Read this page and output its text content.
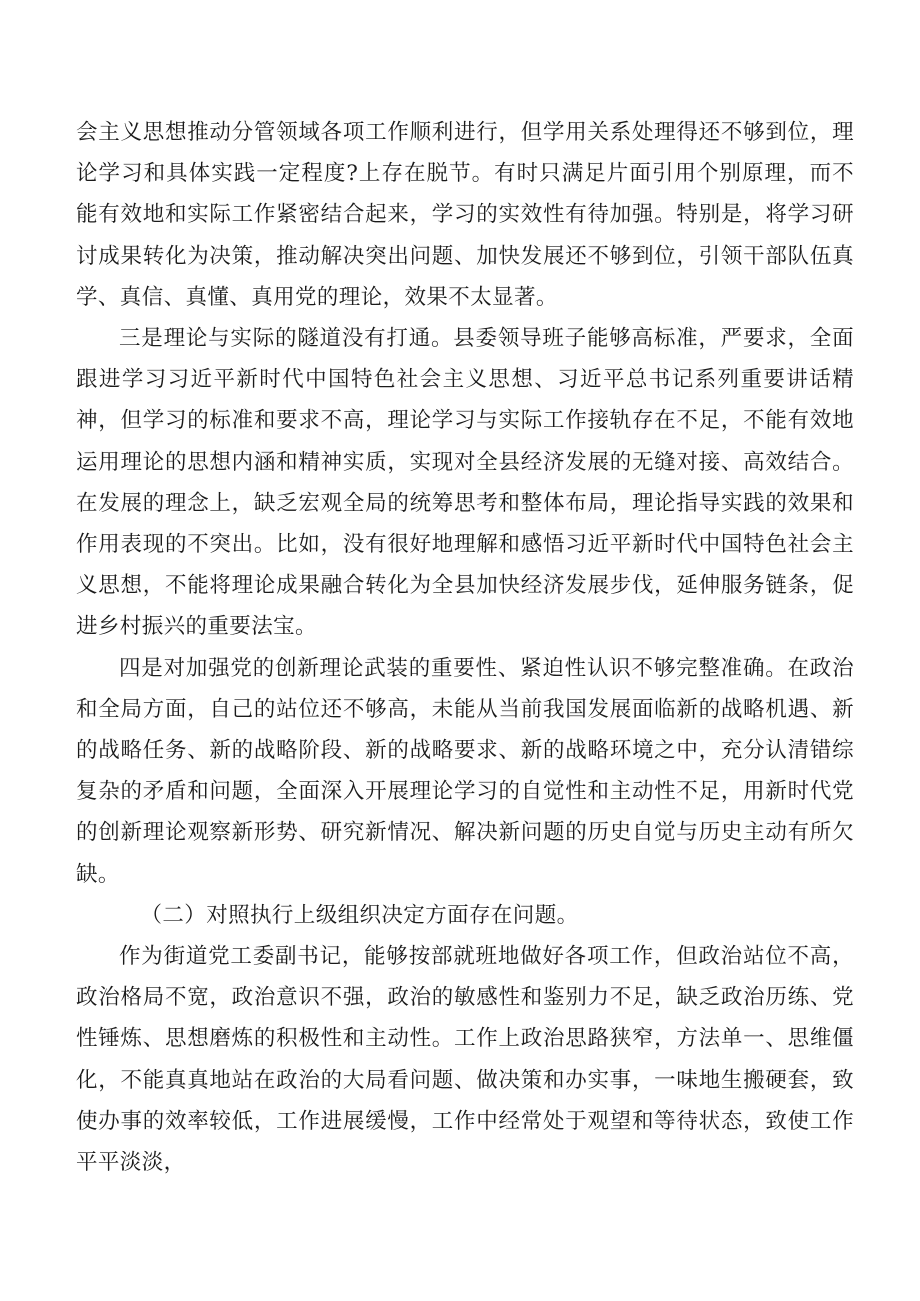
会主义思想推动分管领域各项工作顺利进行，但学用关系处理得还不够到位，理论学习和具体实践一定程度?上存在脱节。有时只满足片面引用个别原理，而不能有效地和实际工作紧密结合起来，学习的实效性有待加强。特别是，将学习研讨成果转化为决策，推动解决突出问题、加快发展还不够到位，引领干部队伍真学、真信、真懂、真用党的理论，效果不太显著。

三是理论与实际的隧道没有打通。县委领导班子能够高标准，严要求，全面跟进学习习近平新时代中国特色社会主义思想、习近平总书记系列重要讲话精神，但学习的标准和要求不高，理论学习与实际工作接轨存在不足，不能有效地运用理论的思想内涵和精神实质，实现对全县经济发展的无缝对接、高效结合。在发展的理念上，缺乏宏观全局的统筹思考和整体布局，理论指导实践的效果和作用表现的不突出。比如，没有很好地理解和感悟习近平新时代中国特色社会主义思想，不能将理论成果融合转化为全县加快经济发展步伐，延伸服务链条，促进乡村振兴的重要法宝。

四是对加强党的创新理论武装的重要性、紧迫性认识不够完整准确。在政治和全局方面，自己的站位还不够高，未能从当前我国发展面临新的战略机遇、新的战略任务、新的战略阶段、新的战略要求、新的战略环境之中，充分认清错综复杂的矛盾和问题，全面深入开展理论学习的自觉性和主动性不足，用新时代党的创新理论观察新形势、研究新情况、解决新问题的历史自觉与历史主动有所欠缺。

（二）对照执行上级组织决定方面存在问题。

作为街道党工委副书记，能够按部就班地做好各项工作，但政治站位不高，政治格局不宽，政治意识不强，政治的敏感性和鉴别力不足，缺乏政治历练、党性锤炼、思想磨炼的积极性和主动性。工作上政治思路狭窄，方法单一、思维僵化，不能真真地站在政治的大局看问题、做决策和办实事，一味地生搬硬套，致使办事的效率较低，工作进展缓慢，工作中经常处于观望和等待状态，致使工作平平淡淡，
